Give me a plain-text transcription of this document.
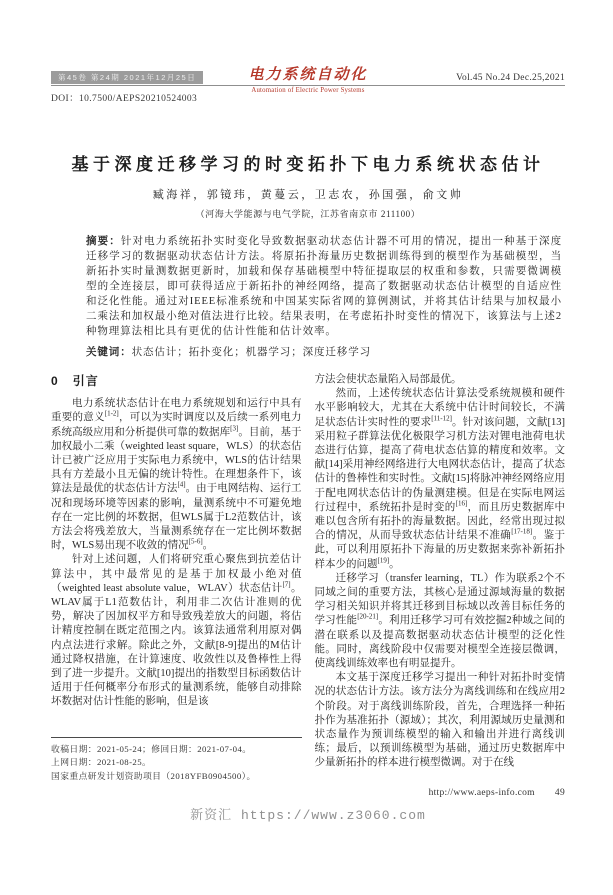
第45卷 第24期 2021年12月25日
DOI：10.7500/AEPS20210524003
电力系统自动化
Automation of Electric Power Systems
Vol.45 No.24 Dec.25,2021
基于深度迁移学习的时变拓扑下电力系统状态估计
臧海祥，郭镜玮，黄蔓云，卫志农，孙国强，俞文帅
（河海大学能源与电气学院，江苏省南京市 211100）
摘要：针对电力系统拓扑实时变化导致数据驱动状态估计器不可用的情况，提出一种基于深度迁移学习的数据驱动状态估计方法。将原拓扑海量历史数据训练得到的模型作为基础模型，当新拓扑实时量测数据更新时，加载和保存基础模型中特征提取层的权重和参数，只需要微调模型的全连接层，即可获得适应于新拓扑的神经网络，提高了数据驱动状态估计模型的自适应性和泛化性能。通过对IEEE标准系统和中国某实际省网的算例测试，并将其估计结果与加权最小二乘法和加权最小绝对值法进行比较。结果表明，在考虑拓扑时变性的情况下，该算法与上述2种物理算法相比具有更优的估计性能和估计效率。
关键词：状态估计；拓扑变化；机器学习；深度迁移学习
0 引言

电力系统状态估计在电力系统规划和运行中具有重要的意义[1-2]，可以为实时调度以及后续一系列电力系统高级应用和分析提供可靠的数据库[3]。目前，基于加权最小二乘（weighted least square，WLS）的状态估计已被广泛应用于实际电力系统中，WLS的估计结果具有方差最小且无偏的统计特性。在理想条件下，该算法是最优的状态估计方法[4]。由于电网结构、运行工况和现场环境等因素的影响，量测系统中不可避免地存在一定比例的坏数据，但WLS属于L2范数估计，该方法会将残差放大，当量测系统存在一定比例坏数据时，WLS易出现不收敛的情况[5-6]。

针对上述问题，人们将研究重心聚焦到抗差估计算法中，其中最常见的是基于加权最小绝对值（weighted least absolute value，WLAV）状态估计[7]。WLAV属于L1范数估计，利用非二次估计准则的优势，解决了因加权平方和导致残差放大的问题，将估计精度控制在既定范围之内。该算法通常利用原对偶内点法进行求解。除此之外，文献[8-9]提出的M估计通过降权措施，在计算速度、收敛性以及鲁棒性上得到了进一步提升。文献[10]提出的指数型目标函数估计适用于任何概率分布形式的量测系统，能够自动排除坏数据对估计性能的影响，但是该

收稿日期：2021-05-24；修回日期：2021-07-04。
上网日期：2021-08-25。
国家重点研发计划资助项目（2018YFB0904500）。

方法会使状态量陷入局部最优。

然而，上述传统状态估计算法受系统规模和硬件水平影响较大，尤其在大系统中估计时间较长，不满足状态估计实时性的要求[11-12]。针对该问题，文献[13]采用粒子群算法优化极限学习机方法对锂电池荷电状态进行估算，提高了荷电状态估算的精度和效率。文献[14]采用神经网络进行大电网状态估计，提高了状态估计的鲁棒性和实时性。文献[15]将脉冲神经网络应用于配电网状态估计的伪量测建模。但是在实际电网运行过程中，系统拓扑是时变的[16]，而且历史数据库中难以包含所有拓扑的海量数据。因此，经常出现过拟合的情况，从而导致状态估计结果不准确[17-18]。鉴于此，可以利用原拓扑下海量的历史数据来弥补新拓扑样本少的问题[19]。

迁移学习（transfer learning，TL）作为联系2个不同域之间的重要方法，其核心是通过源域海量的数据学习相关知识并将其迁移到目标域以改善目标任务的学习性能[20-21]。利用迁移学习可有效挖掘2种域之间的潜在联系以及提高数据驱动状态估计模型的泛化性能。同时，离线阶段中仅需要对模型全连接层微调，使离线训练效率也有明显提升。

本文基于深度迁移学习提出一种针对拓扑时变情况的状态估计方法。该方法分为离线训练和在线应用2个阶段。对于离线训练阶段，首先，合理选择一种拓扑作为基准拓扑（源域）；其次，利用源域历史量测和状态量作为预训练模型的输入和输出并进行离线训练；最后，以预训练模型为基础，通过历史数据库中少量新拓扑的样本进行模型微调。对于在线

http://www.aeps-info.com 49
新资汇 https://www.z3060.com
